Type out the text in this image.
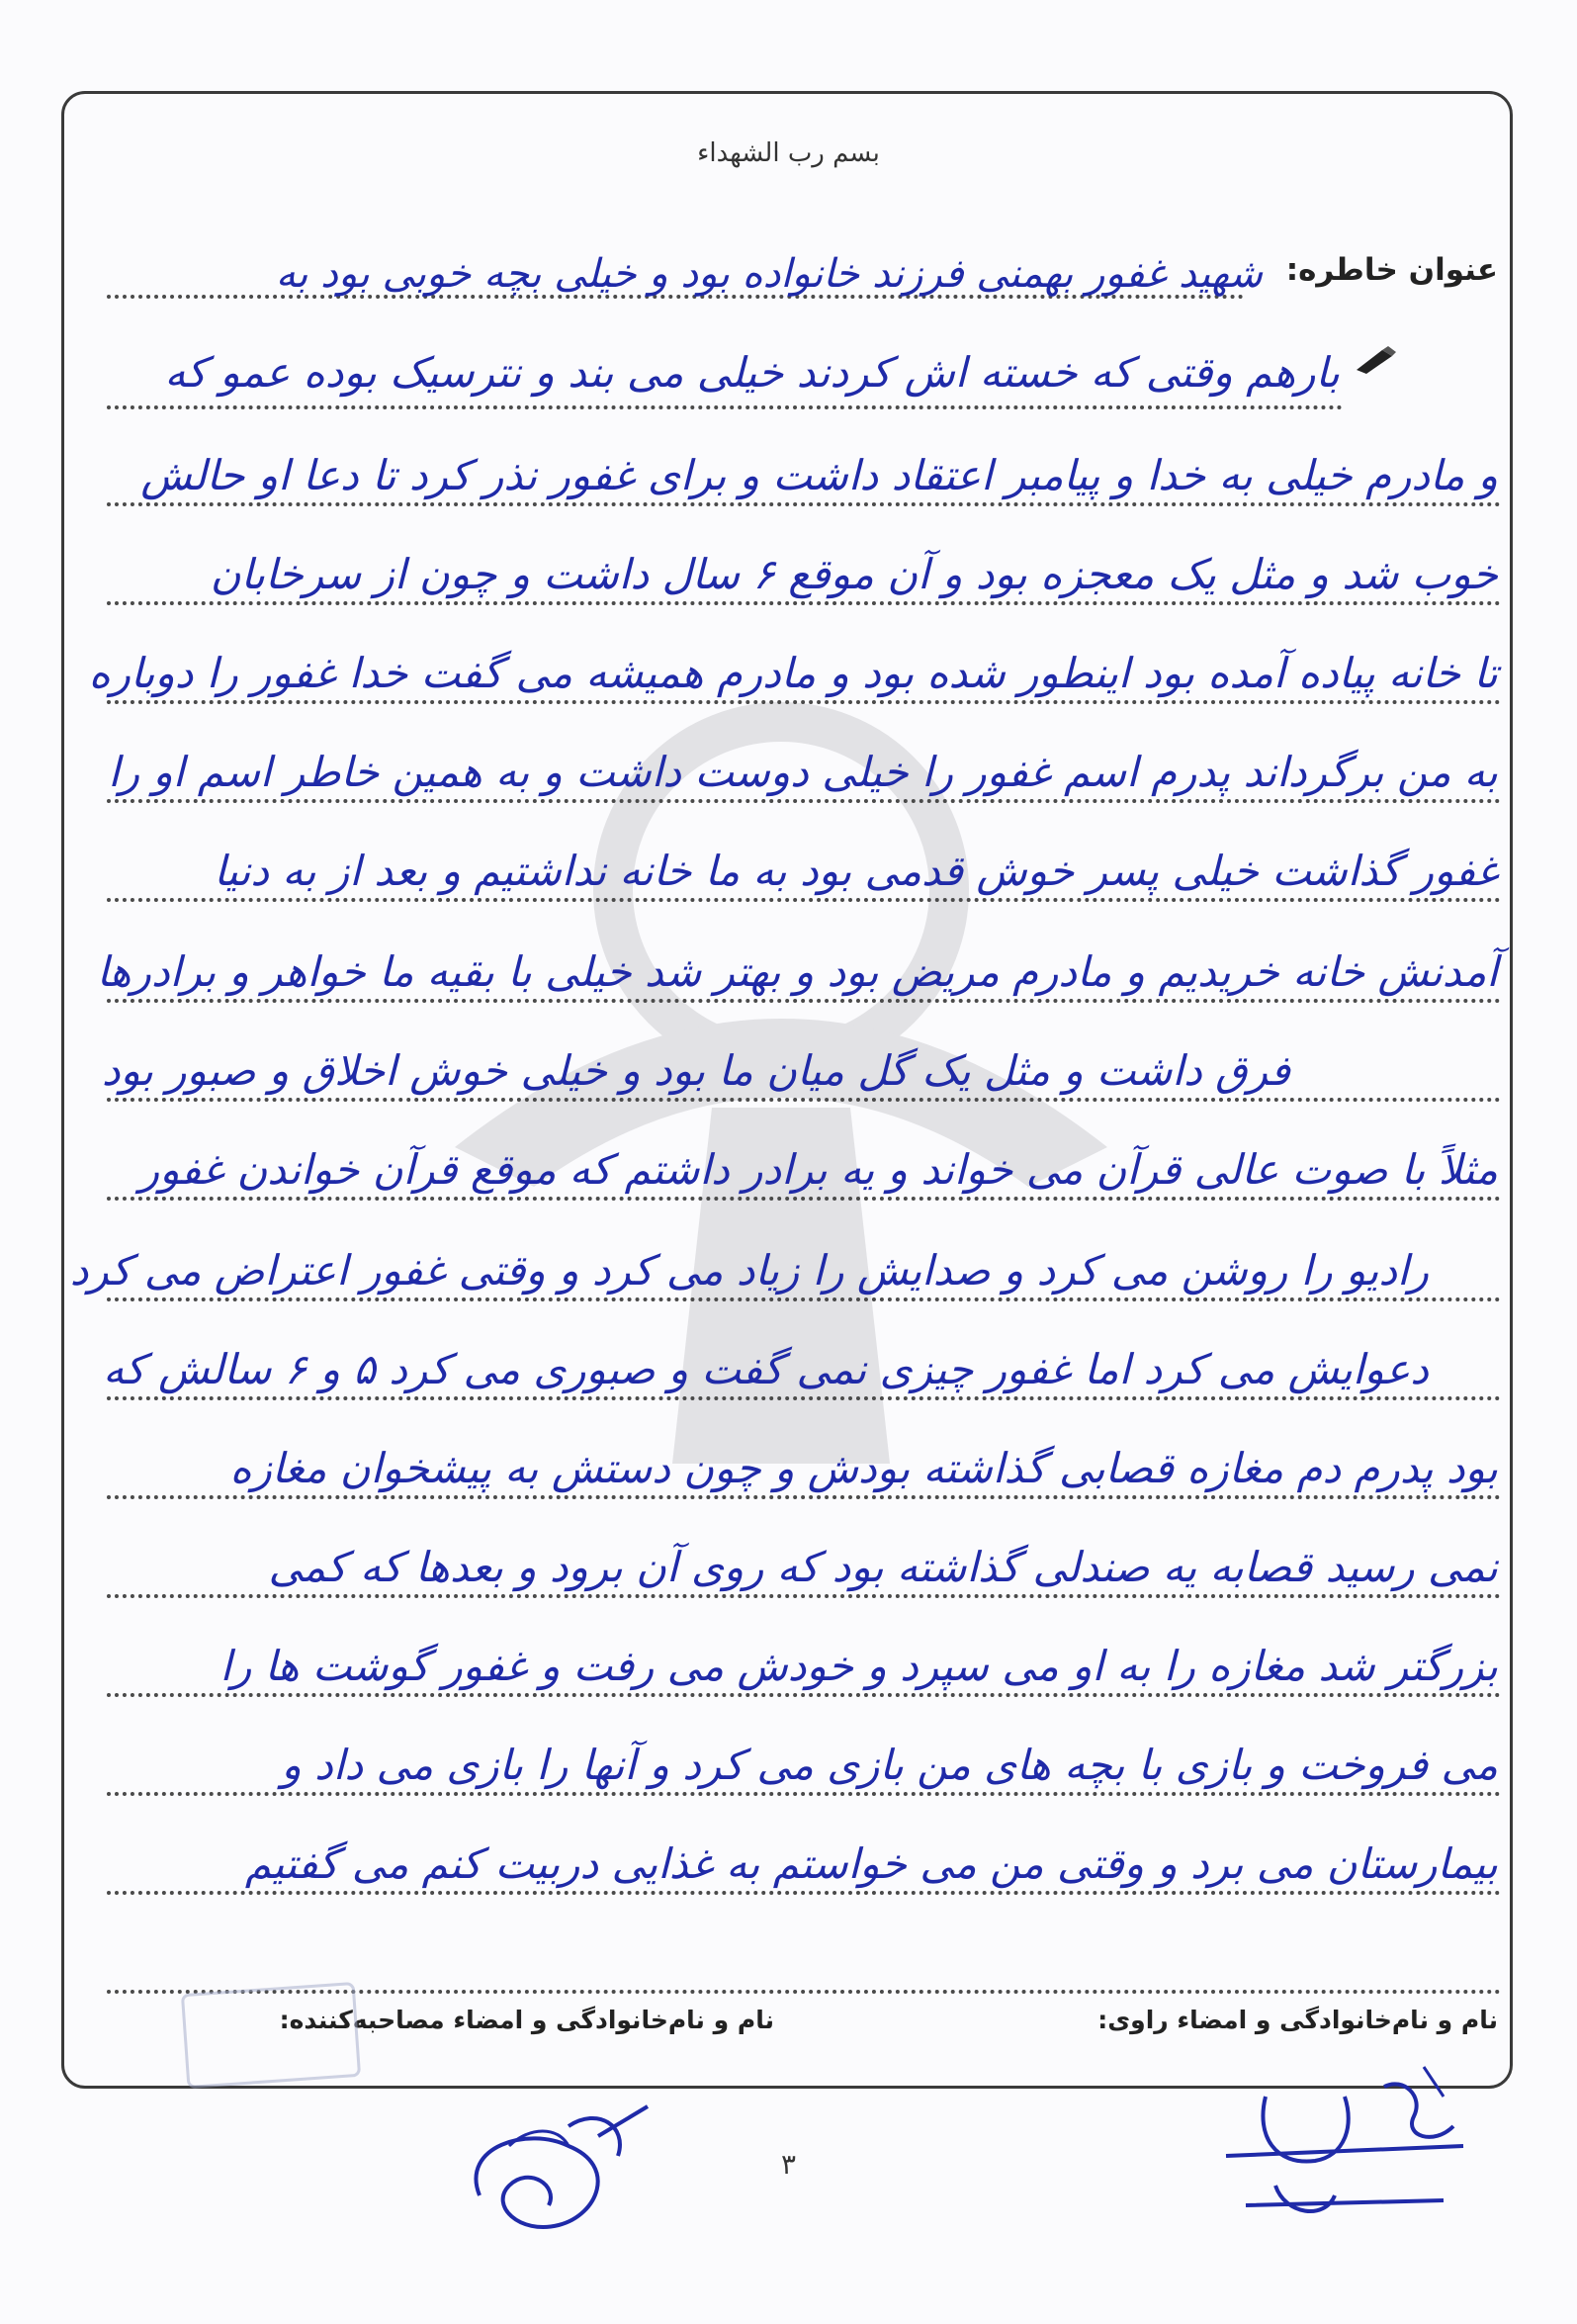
بسم رب الشهداء
عنوان خاطره:
شهید غفور بهمنی فرزند خانواده بود و خیلی بچه خوبی بود به
بارهم وقتی که خسته اش کردند خیلی می بند و نترسیک بوده عمو که
و مادرم خیلی به خدا و پیامبر اعتقاد داشت و برای غفور نذر کرد تا دعا او حالش
خوب شد و مثل یک معجزه بود و آن موقع ۶ سال داشت و چون از سرخابان
تا خانه پیاده آمده بود اینطور شده بود و مادرم همیشه می گفت خدا غفور را دوباره
به من برگرداند پدرم اسم غفور را خیلی دوست داشت و به همین خاطر اسم او را
غفور گذاشت خیلی پسر خوش قدمی بود به ما خانه نداشتیم و بعد از به دنیا
آمدنش خانه خریدیم و مادرم مریض بود و بهتر شد خیلی با بقیه ما خواهر و برادرها
فرق داشت و مثل یک گل میان ما بود و خیلی خوش اخلاق و صبور بود
مثلاً با صوت عالی قرآن می خواند و یه برادر داشتم که موقع قرآن خواندن غفور
رادیو را روشن می کرد و صدایش را زیاد می کرد و وقتی غفور اعتراض می کرد
دعوایش می کرد اما غفور چیزی نمی گفت و صبوری می کرد ۵ و ۶ سالش که
بود پدرم دم مغازه قصابی گذاشته بودش و چون دستش به پیشخوان مغازه
نمی رسید قصابه یه صندلی گذاشته بود که روی آن برود و بعدها که کمی
بزرگتر شد مغازه را به او می سپرد و خودش می رفت و غفور گوشت ها را
می فروخت و بازی با بچه های من بازی می کرد و آنها را بازی می داد و
بیمارستان می برد و وقتی من می خواستم به غذایی دربیت کنم می گفتیم
نام و نام‌خانوادگی و امضاء راوی:
نام و نام‌خانوادگی و امضاء مصاحبه‌کننده:
۳
